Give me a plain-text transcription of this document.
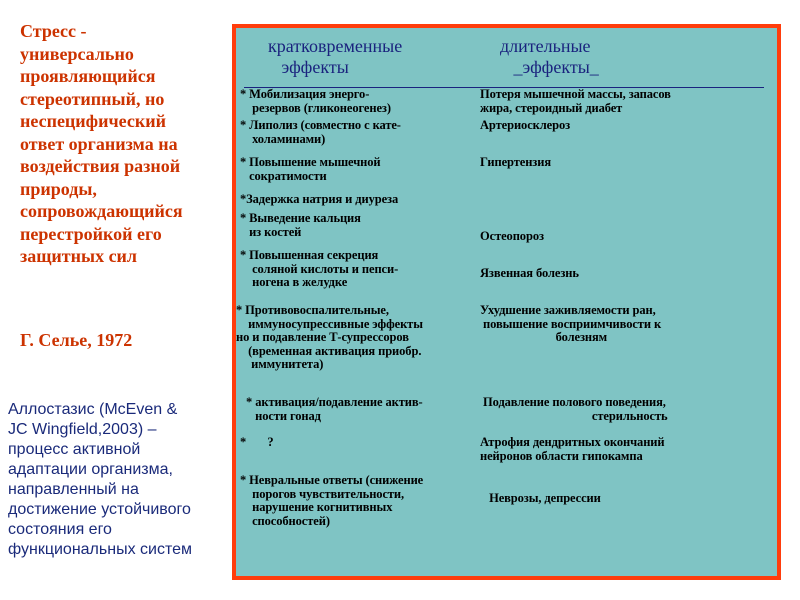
Стресс -
универсально
проявляющийся
стереотипный, но
неспецифический
ответ организма на
воздействия разной
природы,
сопровождающийся
перестройкой его
защитных сил
Г. Селье, 1972
Аллостазис (McEven &
JC Wingfield,2003) –
процесс активной
адаптации организма,
направленный на
достижение устойчивого
состояния его
функциональных систем
кратковременные
эффекты
длительные
_эффекты_
* Мобилизация энерго-
резервов (гликонеогенез)
Потеря мышечной массы, запасов
жира, стероидный диабет
* Липолиз (совместно с кате-
холаминами)
Артериосклероз
* Повышение мышечной
сократимости
Гипертензия
*Задержка натрия и диуреза
* Выведение кальция
из костей	Остеопороз
* Повышенная секреция
соляной кислоты и пепси-
ногена в желудке
Язвенная болезнь
* Противовоспалительные,
иммуносупрессивные эффекты
но и подавление Т-супрессоров
(временная активация приобр.
иммунитета)
Ухудшение заживляемости ран,
повышение восприимчивости к
болезням
* активация/подавление актив-
ности гонад
Подавление полового поведения,
стерильность
*       ?	Атрофия дендритных окончаний
нейронов области гипокампа
* Невральные ответы (снижение
порогов чувствительности,
нарушение когнитивных
способностей)
Неврозы, депрессии
